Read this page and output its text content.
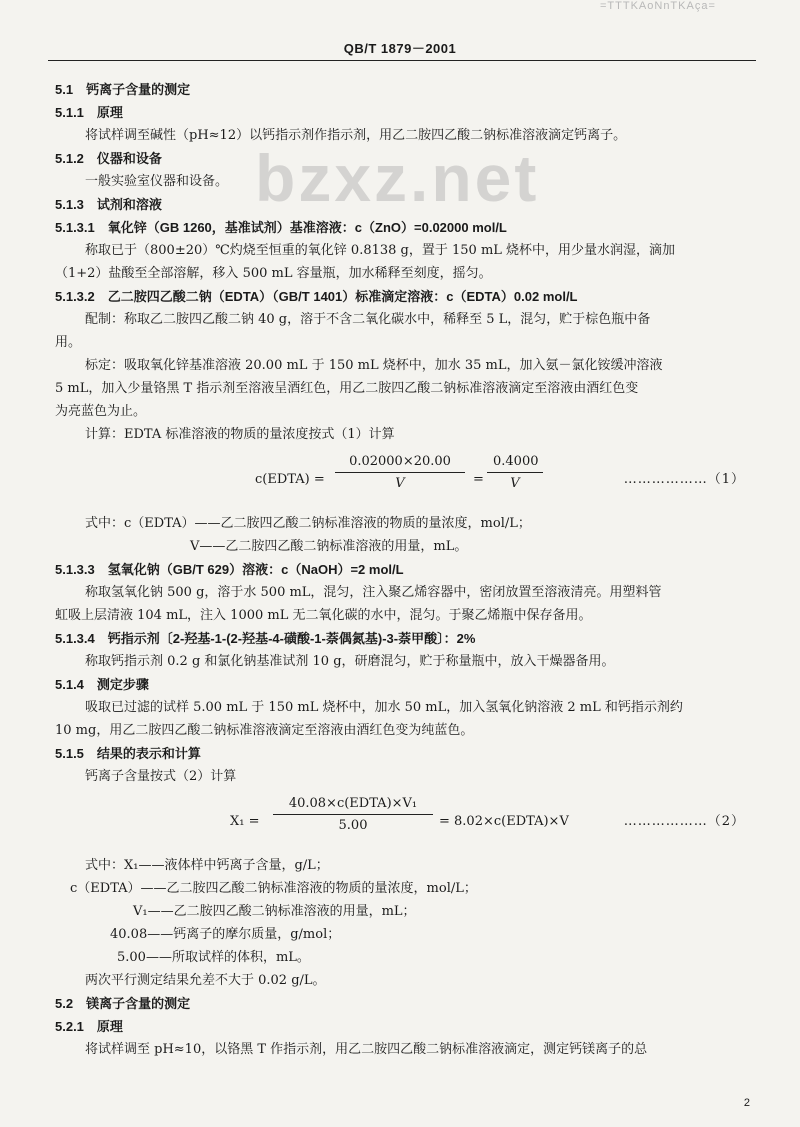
=TTTKAoNnTKAça=
QB/T 1879－2001
bzxz.net
5.1　钙离子含量的测定
5.1.1　原理
将试样调至碱性（pH≈12）以钙指示剂作指示剂，用乙二胺四乙酸二钠标准溶液滴定钙离子。
5.1.2　仪器和设备
一般实验室仪器和设备。
5.1.3　试剂和溶液
5.1.3.1　氧化锌（GB 1260，基准试剂）基准溶液：c（ZnO）=0.02000 mol/L
称取已于（800±20）℃灼烧至恒重的氧化锌 0.8138 g，置于 150 mL 烧杯中，用少量水润湿，滴加
（1+2）盐酸至全部溶解，移入 500 mL 容量瓶，加水稀释至刻度，摇匀。
5.1.3.2　乙二胺四乙酸二钠（EDTA）（GB/T 1401）标准滴定溶液：c（EDTA）0.02 mol/L
配制：称取乙二胺四乙酸二钠 40 g，溶于不含二氧化碳水中，稀释至 5 L，混匀，贮于棕色瓶中备
用。
标定：吸取氧化锌基准溶液 20.00 mL 于 150 mL 烧杯中，加水 35 mL，加入氨－氯化铵缓冲溶液
5 mL，加入少量铬黑 T 指示剂至溶液呈酒红色，用乙二胺四乙酸二钠标准溶液滴定至溶液由酒红色变
为亮蓝色为止。
计算：EDTA 标准溶液的物质的量浓度按式（1）计算
c(EDTA) = $\frac{0.02000\times 20.00}{V} = \frac{0.4000}{V}$	………………（1）
式中：c（EDTA）——乙二胺四乙酸二钠标准溶液的物质的量浓度，mol/L；
V——乙二胺四乙酸二钠标准溶液的用量，mL。
5.1.3.3　氢氧化钠（GB/T 629）溶液：c（NaOH）=2 mol/L
称取氢氧化钠 500 g，溶于水 500 mL，混匀，注入聚乙烯容器中，密闭放置至溶液清亮。用塑料管
虹吸上层清液 104 mL，注入 1000 mL 无二氧化碳的水中，混匀。于聚乙烯瓶中保存备用。
5.1.3.4　钙指示剂〔2-羟基-1-(2-羟基-4-磺酸-1-萘偶氮基)-3-萘甲酸〕：2%
称取钙指示剂 0.2 g 和氯化钠基准试剂 10 g，研磨混匀，贮于称量瓶中，放入干燥器备用。
5.1.4　测定步骤
吸取已过滤的试样 5.00 mL 于 150 mL 烧杯中，加水 50 mL，加入氢氧化钠溶液 2 mL 和钙指示剂约
10 mg，用乙二胺四乙酸二钠标准溶液滴定至溶液由酒红色变为纯蓝色。
5.1.5　结果的表示和计算
钙离子含量按式（2）计算
X₁ =
40.08×c(EDTA)×V₁
5.00	= 8.02×c(EDTA)×V	………………（2）
式中：X₁——液体样中钙离子含量，g/L；
c（EDTA）——乙二胺四乙酸二钠标准溶液的物质的量浓度，mol/L；
V₁——乙二胺四乙酸二钠标准溶液的用量，mL；
40.08——钙离子的摩尔质量，g/mol；
5.00——所取试样的体积，mL。
两次平行测定结果允差不大于 0.02 g/L。
5.2　镁离子含量的测定
5.2.1　原理
将试样调至 pH≈10，以铬黑 T 作指示剂，用乙二胺四乙酸二钠标准溶液滴定，测定钙镁离子的总
2
